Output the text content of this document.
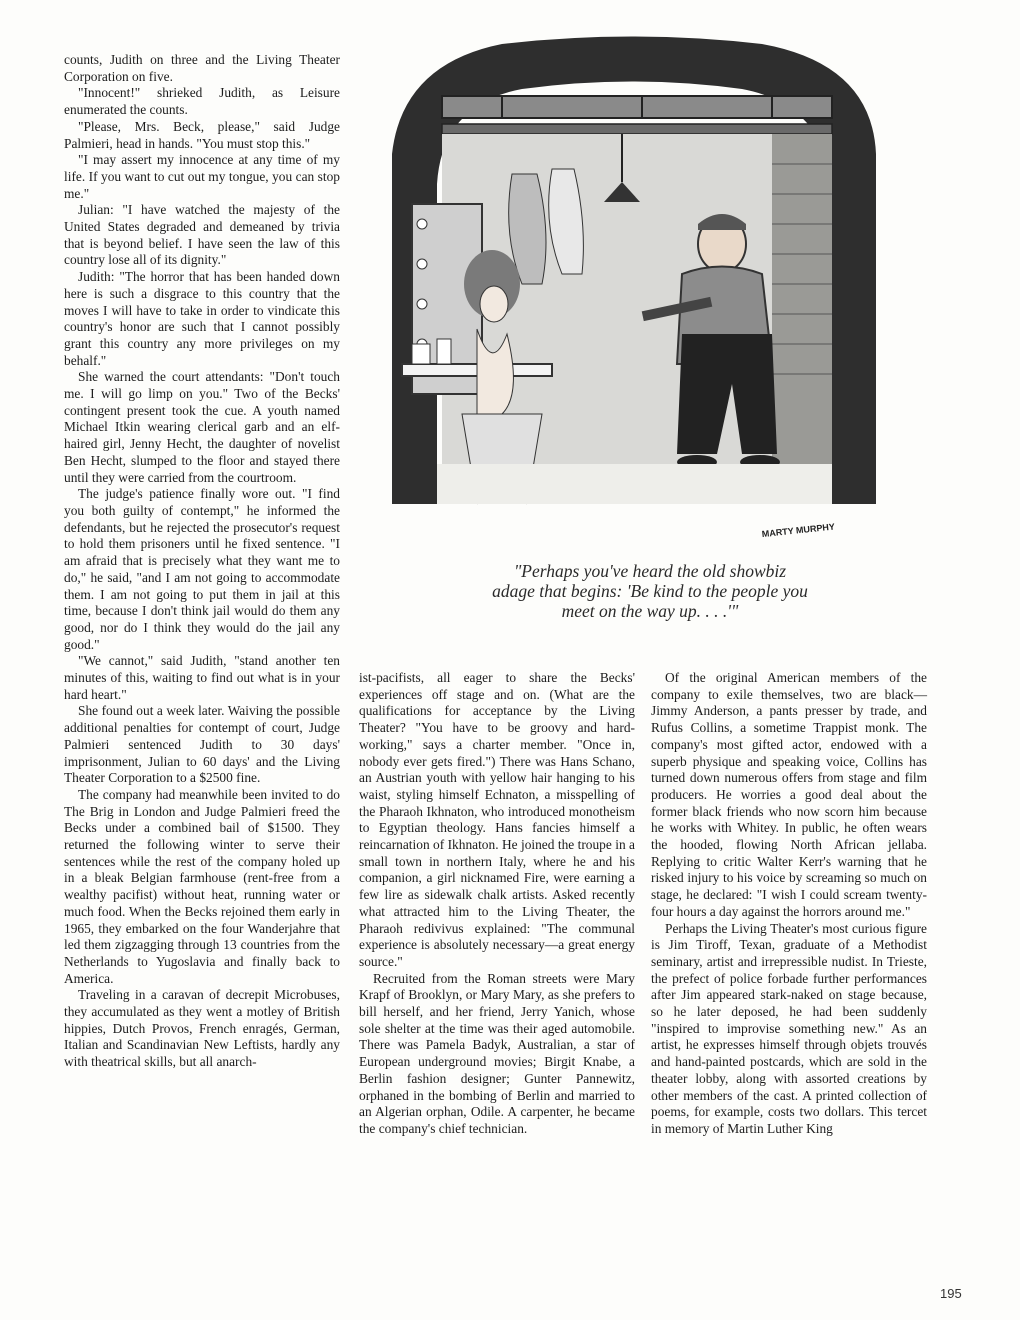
counts, Judith on three and the Living Theater Corporation on five.

"Innocent!" shrieked Judith, as Leisure enumerated the counts.

"Please, Mrs. Beck, please," said Judge Palmieri, head in hands. "You must stop this."

"I may assert my innocence at any time of my life. If you want to cut out my tongue, you can stop me."

Julian: "I have watched the majesty of the United States degraded and demeaned by trivia that is beyond belief. I have seen the law of this country lose all of its dignity."

Judith: "The horror that has been handed down here is such a disgrace to this country that the moves I will have to take in order to vindicate this country's honor are such that I cannot possibly grant this country any more privileges on my behalf."

She warned the court attendants: "Don't touch me. I will go limp on you." Two of the Becks' contingent present took the cue. A youth named Michael Itkin wearing clerical garb and an elf-haired girl, Jenny Hecht, the daughter of novelist Ben Hecht, slumped to the floor and stayed there until they were carried from the courtroom.

The judge's patience finally wore out. "I find you both guilty of contempt," he informed the defendants, but he rejected the prosecutor's request to hold them prisoners until he fixed sentence. "I am afraid that is precisely what they want me to do," he said, "and I am not going to accommodate them. I am not going to put them in jail at this time, because I don't think jail would do them any good, nor do I think they would do the jail any good."

"We cannot," said Judith, "stand another ten minutes of this, waiting to find out what is in your hard heart."

She found out a week later. Waiving the possible additional penalties for contempt of court, Judge Palmieri sentenced Judith to 30 days' imprisonment, Julian to 60 days' and the Living Theater Corporation to a $2500 fine.

The company had meanwhile been invited to do The Brig in London and Judge Palmieri freed the Becks under a combined bail of $1500. They returned the following winter to serve their sentences while the rest of the company holed up in a bleak Belgian farmhouse (rent-free from a wealthy pacifist) without heat, running water or much food. When the Becks rejoined them early in 1965, they embarked on the four Wanderjahre that led them zigzagging through 13 countries from the Netherlands to Yugoslavia and finally back to America.

Traveling in a caravan of decrepit Microbuses, they accumulated as they went a motley of British hippies, Dutch Provos, French enragés, German, Italian and Scandinavian New Leftists, hardly any with theatrical skills, but all anarch-

MARTY MURPHY
"Perhaps you've heard the old showbiz
adage that begins: 'Be kind to the people you
meet on the way up. . . .'"

ist-pacifists, all eager to share the Becks' experiences off stage and on. (What are the qualifications for acceptance by the Living Theater? "You have to be groovy and hard-working," says a charter member. "Once in, nobody ever gets fired.") There was Hans Schano, an Austrian youth with yellow hair hanging to his waist, styling himself Echnaton, a misspelling of the Pharaoh Ikhnaton, who introduced monotheism to Egyptian theology. Hans fancies himself a reincarnation of Ikhnaton. He joined the troupe in a small town in northern Italy, where he and his companion, a girl nicknamed Fire, were earning a few lire as sidewalk chalk artists. Asked recently what attracted him to the Living Theater, the Pharaoh redivivus explained: "The communal experience is absolutely necessary—a great energy source."

Recruited from the Roman streets were Mary Krapf of Brooklyn, or Mary Mary, as she prefers to bill herself, and her friend, Jerry Yanich, whose sole shelter at the time was their aged automobile. There was Pamela Badyk, Australian, a star of European underground movies; Birgit Knabe, a Berlin fashion designer; Gunter Pannewitz, orphaned in the bombing of Berlin and married to an Algerian orphan, Odile. A carpenter, he became the company's chief technician.

Of the original American members of the company to exile themselves, two are black—Jimmy Anderson, a pants presser by trade, and Rufus Collins, a sometime Trappist monk. The company's most gifted actor, endowed with a superb physique and speaking voice, Collins has turned down numerous offers from stage and film producers. He worries a good deal about the former black friends who now scorn him because he works with Whitey. In public, he often wears the hooded, flowing North African jellaba. Replying to critic Walter Kerr's warning that he risked injury to his voice by screaming so much on stage, he declared: "I wish I could scream twenty-four hours a day against the horrors around me."

Perhaps the Living Theater's most curious figure is Jim Tiroff, Texan, graduate of a Methodist seminary, artist and irrepressible nudist. In Trieste, the prefect of police forbade further performances after Jim appeared stark-naked on stage because, so he later deposed, he had been suddenly "inspired to improvise something new." As an artist, he expresses himself through objets trouvés and hand-painted postcards, which are sold in the theater lobby, along with assorted creations by other members of the cast. A printed collection of poems, for example, costs two dollars. This tercet in memory of Martin Luther King

195
